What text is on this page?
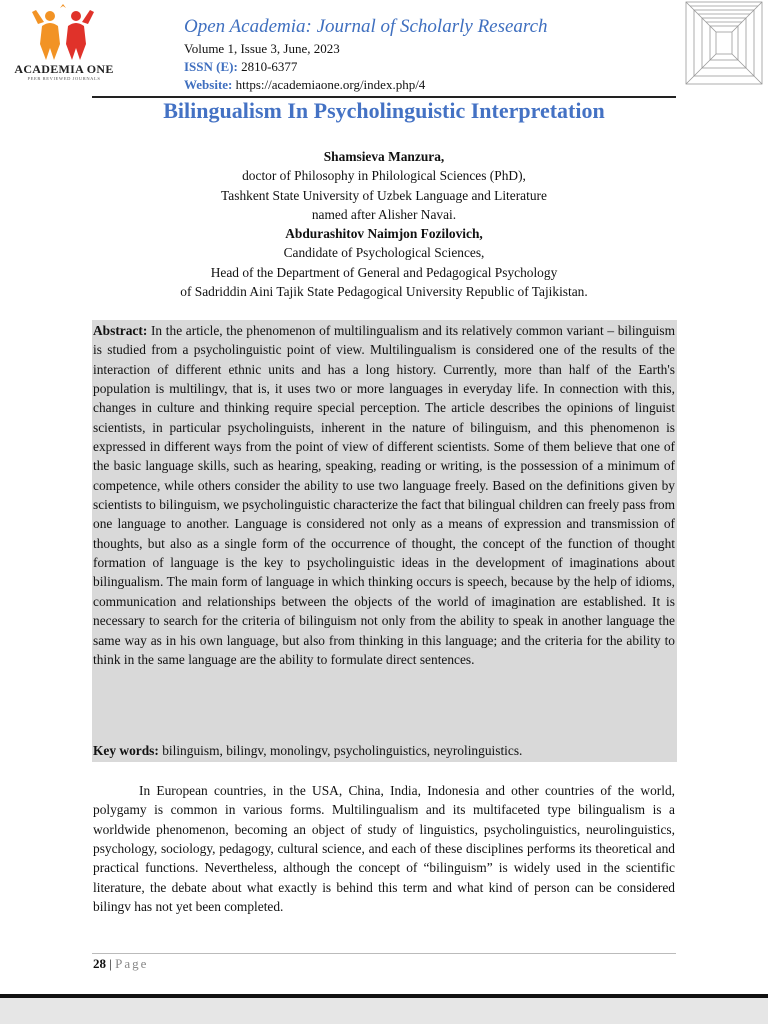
ACADEMIA ONE
PEER REVIEWED JOURNALS
Open Academia: Journal of Scholarly Research
Volume 1, Issue 3, June, 2023
ISSN (E): 2810-6377
Website: https://academiaone.org/index.php/4
Bilingualism In Psycholinguistic Interpretation
Shamsieva Manzura,
doctor of Philosophy in Philological Sciences (PhD),
Tashkent State University of Uzbek Language and Literature
named after Alisher Navai.
Abdurashitov Naimjon Fozilovich,
Candidate of Psychological Sciences,
Head of the Department of General and Pedagogical Psychology
of Sadriddin Aini Tajik State Pedagogical University Republic of Tajikistan.
Abstract: In the article, the phenomenon of multilingualism and its relatively common variant – bilinguism is studied from a psycholinguistic point of view. Multilingualism is considered one of the results of the interaction of different ethnic units and has a long history. Currently, more than half of the Earth's population is multilingv, that is, it uses two or more languages in everyday life. In connection with this, changes in culture and thinking require special perception. The article describes the opinions of linguist scientists, in particular psycholinguists, inherent in the nature of bilinguism, and this phenomenon is expressed in different ways from the point of view of different scientists. Some of them believe that one of the basic language skills, such as hearing, speaking, reading or writing, is the possession of a minimum of competence, while others consider the ability to use two language freely. Based on the definitions given by scientists to bilinguism, we psycholinguistic characterize the fact that bilingual children can freely pass from one language to another. Language is considered not only as a means of expression and transmission of thoughts, but also as a single form of the occurrence of thought, the concept of the function of thought formation of language is the key to psycholinguistic ideas in the development of imaginations about bilingualism. The main form of language in which thinking occurs is speech, because by the help of idioms, communication and relationships between the objects of the world of imagination are established. It is necessary to search for the criteria of bilinguism not only from the ability to speak in another language the same way as in his own language, but also from thinking in this language; and the criteria for the ability to think in the same language are the ability to formulate direct sentences.
Key words: bilinguism, bilingv, monolingv, psycholinguistics, neyrolinguistics.
In European countries, in the USA, China, India, Indonesia and other countries of the world, polygamy is common in various forms. Multilingualism and its multifaceted type bilingualism is a worldwide phenomenon, becoming an object of study of linguistics, psycholinguistics, neurolinguistics, psychology, sociology, pedagogy, cultural science, and each of these disciplines performs its theoretical and practical functions. Nevertheless, although the concept of “bilinguism” is widely used in the scientific literature, the debate about what exactly is behind this term and what kind of person can be considered bilingv has not yet been completed.
28 | Page
